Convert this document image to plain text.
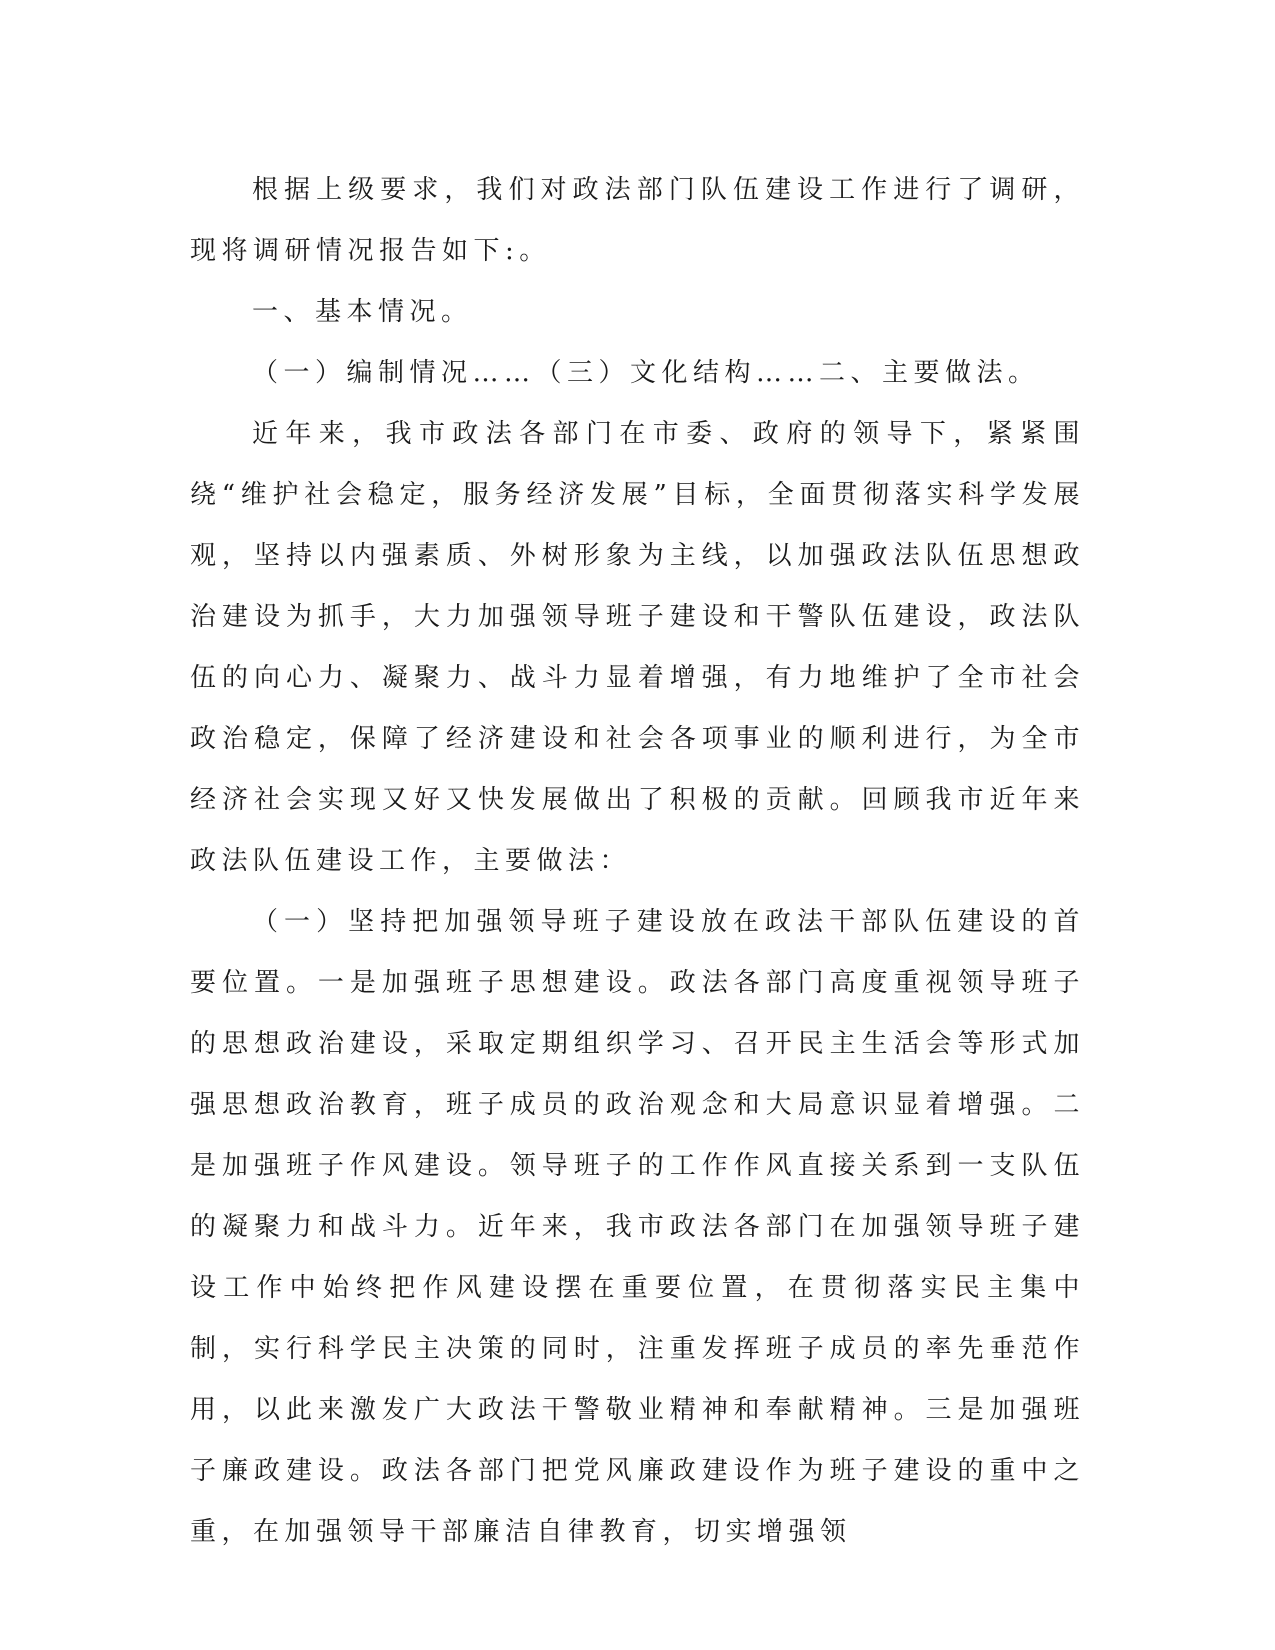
根据上级要求，我们对政法部门队伍建设工作进行了调研，现将调研情况报告如下:。

一、基本情况。

（一）编制情况……（三）文化结构……二、主要做法。

近年来，我市政法各部门在市委、政府的领导下，紧紧围绕“维护社会稳定，服务经济发展”目标，全面贯彻落实科学发展观，坚持以内强素质、外树形象为主线，以加强政法队伍思想政治建设为抓手，大力加强领导班子建设和干警队伍建设，政法队伍的向心力、凝聚力、战斗力显着增强，有力地维护了全市社会政治稳定，保障了经济建设和社会各项事业的顺利进行，为全市经济社会实现又好又快发展做出了积极的贡献。回顾我市近年来政法队伍建设工作，主要做法：

（一）坚持把加强领导班子建设放在政法干部队伍建设的首要位置。一是加强班子思想建设。政法各部门高度重视领导班子的思想政治建设，采取定期组织学习、召开民主生活会等形式加强思想政治教育，班子成员的政治观念和大局意识显着增强。二是加强班子作风建设。领导班子的工作作风直接关系到一支队伍的凝聚力和战斗力。近年来，我市政法各部门在加强领导班子建设工作中始终把作风建设摆在重要位置，在贯彻落实民主集中制，实行科学民主决策的同时，注重发挥班子成员的率先垂范作用，以此来激发广大政法干警敬业精神和奉献精神。三是加强班子廉政建设。政法各部门把党风廉政建设作为班子建设的重中之重，在加强领导干部廉洁自律教育，切实增强领
